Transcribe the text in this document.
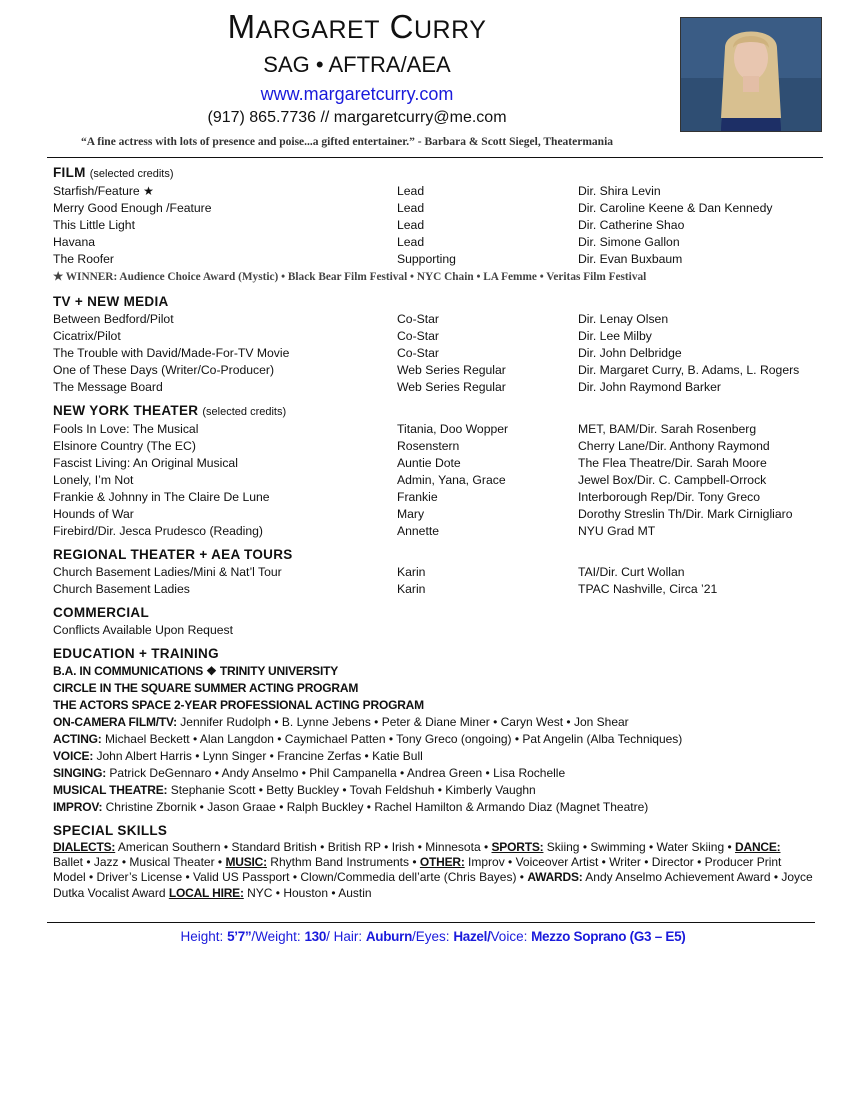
MARGARET CURRY
SAG • AFTRA/AEA
www.margaretcurry.com
(917) 865.7736 // margaretcurry@me.com
“A fine actress with lots of presence and poise...a gifted entertainer.” - Barbara & Scott Siegel, Theatermania
FILM (selected credits)
Starfish/Feature ★	Lead	Dir. Shira Levin
Merry Good Enough /Feature	Lead	Dir. Caroline Keene & Dan Kennedy
This Little Light	Lead	Dir. Catherine Shao
Havana	Lead	Dir. Simone Gallon
The Roofer	Supporting	Dir. Evan Buxbaum
★ WINNER: Audience Choice Award (Mystic) • Black Bear Film Festival • NYC Chain • LA Femme • Veritas Film Festival
TV + NEW MEDIA
Between Bedford/Pilot	Co-Star	Dir. Lenay Olsen
Cicatrix/Pilot	Co-Star	Dir. Lee Milby
The Trouble with David/Made-For-TV Movie	Co-Star	Dir. John Delbridge
One of These Days (Writer/Co-Producer)	Web Series Regular	Dir. Margaret Curry, B. Adams, L. Rogers
The Message Board	Web Series Regular	Dir. John Raymond Barker
NEW YORK THEATER (selected credits)
Fools In Love: The Musical	Titania, Doo Wopper	MET, BAM/Dir. Sarah Rosenberg
Elsinore Country (The EC)	Rosenstern	Cherry Lane/Dir. Anthony Raymond
Fascist Living: An Original Musical	Auntie Dote	The Flea Theatre/Dir. Sarah Moore
Lonely, I’m Not	Admin, Yana, Grace	Jewel Box/Dir. C. Campbell-Orrock
Frankie & Johnny in The Claire De Lune	Frankie	Interborough Rep/Dir. Tony Greco
Hounds of War	Mary	Dorothy Streslin Th/Dir. Mark Cirnigliaro
Firebird/Dir. Jesca Prudesco (Reading)	Annette	NYU Grad MT
REGIONAL THEATER + AEA TOURS
Church Basement Ladies/Mini & Nat’l Tour	Karin	TAI/Dir. Curt Wollan
Church Basement Ladies	Karin	TPAC Nashville, Circa ’21
COMMERCIAL
Conflicts Available Upon Request
EDUCATION + TRAINING
B.A. IN COMMUNICATIONS ❖ TRINITY UNIVERSITY
CIRCLE IN THE SQUARE SUMMER ACTING PROGRAM
THE ACTORS SPACE 2-YEAR PROFESSIONAL ACTING PROGRAM
ON-CAMERA FILM/TV: Jennifer Rudolph • B. Lynne Jebens • Peter & Diane Miner • Caryn West • Jon Shear
ACTING: Michael Beckett • Alan Langdon • Caymichael Patten • Tony Greco (ongoing) • Pat Angelin (Alba Techniques)
VOICE: John Albert Harris • Lynn Singer • Francine Zerfas • Katie Bull
SINGING: Patrick DeGennaro • Andy Anselmo • Phil Campanella • Andrea Green • Lisa Rochelle
MUSICAL THEATRE: Stephanie Scott • Betty Buckley • Tovah Feldshuh • Kimberly Vaughn
IMPROV: Christine Zbornik • Jason Graae • Ralph Buckley • Rachel Hamilton & Armando Diaz (Magnet Theatre)
SPECIAL SKILLS
DIALECTS: American Southern • Standard British • British RP • Irish • Minnesota • SPORTS: Skiing • Swimming • Water Skiing • DANCE: Ballet • Jazz • Musical Theater • MUSIC: Rhythm Band Instruments • OTHER: Improv • Voiceover Artist • Writer • Director • Producer Print Model • Driver’s License • Valid US Passport • Clown/Commedia dell’arte (Chris Bayes) • AWARDS: Andy Anselmo Achievement Award • Joyce Dutka Vocalist Award LOCAL HIRE: NYC • Houston • Austin
Height: 5’7”/Weight: 130/ Hair: Auburn/Eyes: Hazel/Voice: Mezzo Soprano (G3 – E5)
